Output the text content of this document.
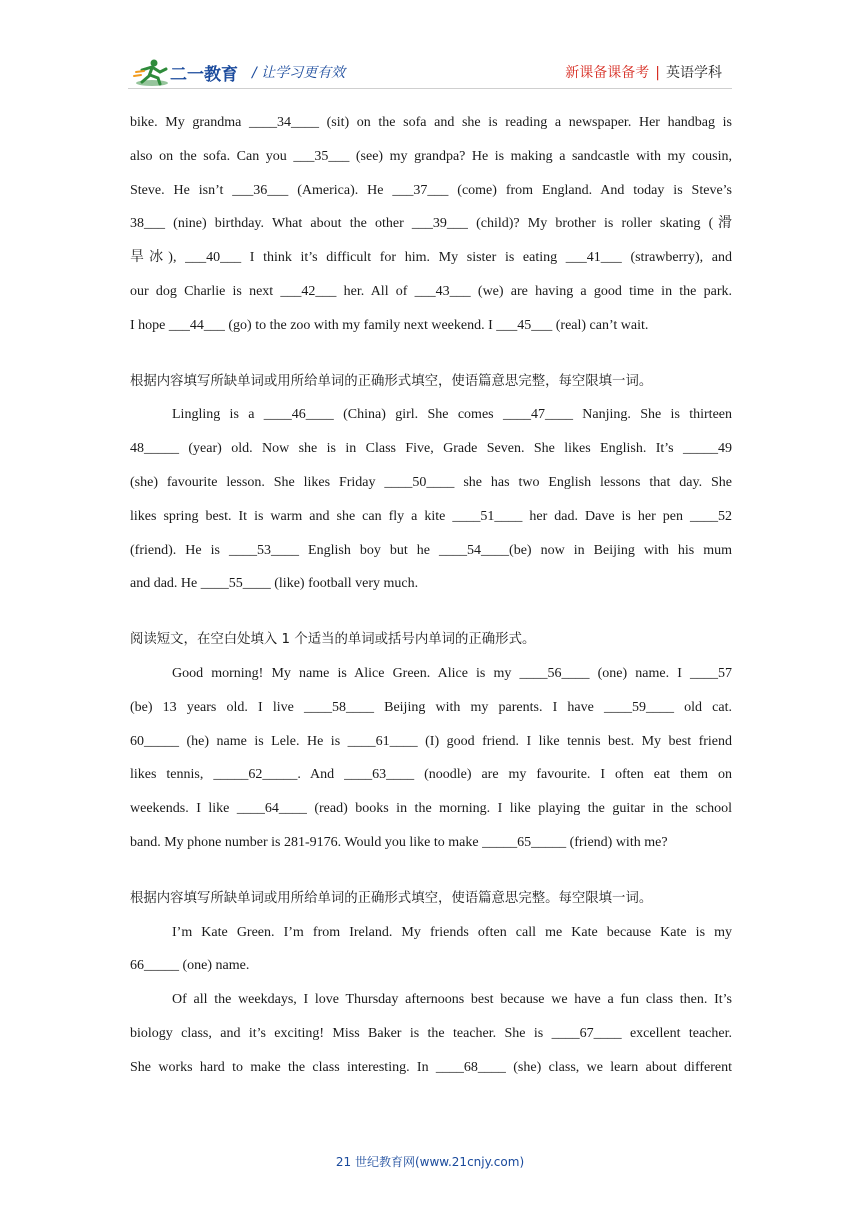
二一教育 / 让学习更有效	新课备课备考 | 英语学科

bike. My grandma ____34____ (sit) on the sofa and she is reading a newspaper. Her handbag is

also on the sofa. Can you ___35___ (see) my grandpa? He is making a sandcastle with my cousin,

Steve. He isn’t ___36___ (America). He ___37___ (come) from England. And today is Steve’s

38___ (nine) birthday. What about the other ___39___ (child)? My brother is roller skating (滑

旱冰), ___40___ I think it’s difficult for him. My sister is eating ___41___ (strawberry), and

our dog Charlie is next ___42___ her. All of ___43___ (we) are having a good time in the park.

I hope ___44___ (go) to the zoo with my family next weekend. I ___45___ (real) can’t wait.

根据内容填写所缺单词或用所给单词的正确形式填空，使语篇意思完整，每空限填一词。

Lingling is a ____46____ (China) girl. She comes ____47____ Nanjing. She is thirteen

48_____ (year) old. Now she is in Class Five, Grade Seven. She likes English. It’s _____49

(she) favourite lesson. She likes Friday ____50____ she has two English lessons that day. She

likes spring best. It is warm and she can fly a kite ____51____ her dad. Dave is her pen ____52

(friend). He is ____53____ English boy but he ____54____(be) now in Beijing with his mum

and dad. He ____55____ (like) football very much.

阅读短文，在空白处填入 1 个适当的单词或括号内单词的正确形式。

Good morning! My name is Alice Green. Alice is my ____56____ (one) name. I ____57

(be) 13 years old. I live ____58____ Beijing with my parents. I have ____59____ old cat.

60_____ (he) name is Lele. He is ____61____ (I) good friend. I like tennis best. My best friend

likes tennis, _____62_____. And ____63____ (noodle) are my favourite. I often eat them on

weekends. I like ____64____ (read) books in the morning. I like playing the guitar in the school

band. My phone number is 281-9176. Would you like to make _____65_____ (friend) with me?

根据内容填写所缺单词或用所给单词的正确形式填空，使语篇意思完整。每空限填一词。

I’m Kate Green. I’m from Ireland. My friends often call me Kate because Kate is my

66_____ (one) name.

Of all the weekdays, I love Thursday afternoons best because we have a fun class then. It’s

biology class, and it’s exciting! Miss Baker is the teacher. She is ____67____ excellent teacher.

She works hard to make the class interesting. In ____68____ (she) class, we learn about different

21 世纪教育网(www.21cnjy.com)
